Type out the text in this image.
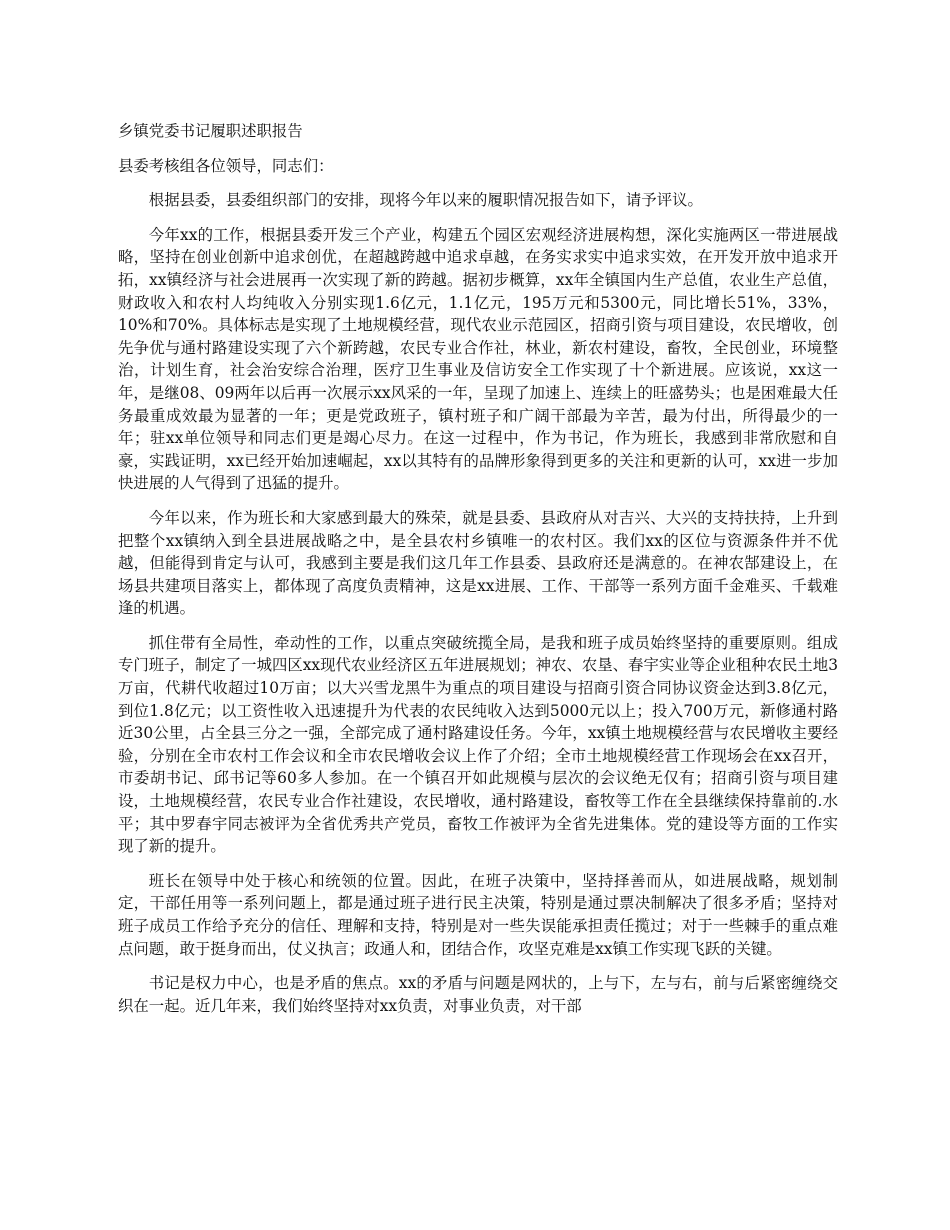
乡镇党委书记履职述职报告
县委考核组各位领导，同志们：

根据县委，县委组织部门的安排，现将今年以来的履职情况报告如下，请予评议。

今年xx的工作，根据县委开发三个产业，构建五个园区宏观经济进展构想，深化实施两区一带进展战略，坚持在创业创新中追求创优，在超越跨越中追求卓越，在务实求实中追求实效，在开发开放中追求开拓，xx镇经济与社会进展再一次实现了新的跨越。据初步概算，xx年全镇国内生产总值，农业生产总值，财政收入和农村人均纯收入分别实现1.6亿元，1.1亿元，195万元和5300元，同比增长51%，33%，10%和70%。具体标志是实现了土地规模经营，现代农业示范园区，招商引资与项目建设，农民增收，创先争优与通村路建设实现了六个新跨越，农民专业合作社，林业，新农村建设，畜牧，全民创业，环境整治，计划生育，社会治安综合治理，医疗卫生事业及信访安全工作实现了十个新进展。应该说，xx这一年，是继08、09两年以后再一次展示xx风采的一年，呈现了加速上、连续上的旺盛势头；也是困难最大任务最重成效最为显著的一年；更是党政班子，镇村班子和广阔干部最为辛苦，最为付出，所得最少的一年；驻xx单位领导和同志们更是竭心尽力。在这一过程中，作为书记，作为班长，我感到非常欣慰和自豪，实践证明，xx已经开始加速崛起，xx以其特有的品牌形象得到更多的关注和更新的认可，xx进一步加快进展的人气得到了迅猛的提升。

今年以来，作为班长和大家感到最大的殊荣，就是县委、县政府从对吉兴、大兴的支持扶持，上升到把整个xx镇纳入到全县进展战略之中，是全县农村乡镇唯一的农村区。我们xx的区位与资源条件并不优越，但能得到肯定与认可，我感到主要是我们这几年工作县委、县政府还是满意的。在神农郜建设上，在场县共建项目落实上，都体现了高度负责精神，这是xx进展、工作、干部等一系列方面千金难买、千载难逢的机遇。

抓住带有全局性，牵动性的工作，以重点突破统揽全局，是我和班子成员始终坚持的重要原则。组成专门班子，制定了一城四区xx现代农业经济区五年进展规划；神农、农垦、春宇实业等企业租种农民土地3万亩，代耕代收超过10万亩；以大兴雪龙黑牛为重点的项目建设与招商引资合同协议资金达到3.8亿元，到位1.8亿元；以工资性收入迅速提升为代表的农民纯收入达到5000元以上；投入700万元，新修通村路近30公里，占全县三分之一强，全部完成了通村路建设任务。今年，xx镇土地规模经营与农民增收主要经验，分别在全市农村工作会议和全市农民增收会议上作了介绍；全市土地规模经营工作现场会在xx召开，市委胡书记、邱书记等60多人参加。在一个镇召开如此规模与层次的会议绝无仅有；招商引资与项目建设，土地规模经营，农民专业合作社建设，农民增收，通村路建设，畜牧等工作在全县继续保持靠前的.水平；其中罗春宇同志被评为全省优秀共产党员，畜牧工作被评为全省先进集体。党的建设等方面的工作实现了新的提升。

班长在领导中处于核心和统领的位置。因此，在班子决策中，坚持择善而从，如进展战略，规划制定，干部任用等一系列问题上，都是通过班子进行民主决策，特别是通过票决制解决了很多矛盾；坚持对班子成员工作给予充分的信任、理解和支持，特别是对一些失误能承担责任揽过；对于一些棘手的重点难点问题，敢于挺身而出，仗义执言；政通人和，团结合作，攻坚克难是xx镇工作实现飞跃的关键。

书记是权力中心，也是矛盾的焦点。xx的矛盾与问题是网状的，上与下，左与右，前与后紧密缠绕交织在一起。近几年来，我们始终坚持对xx负责，对事业负责，对干部
